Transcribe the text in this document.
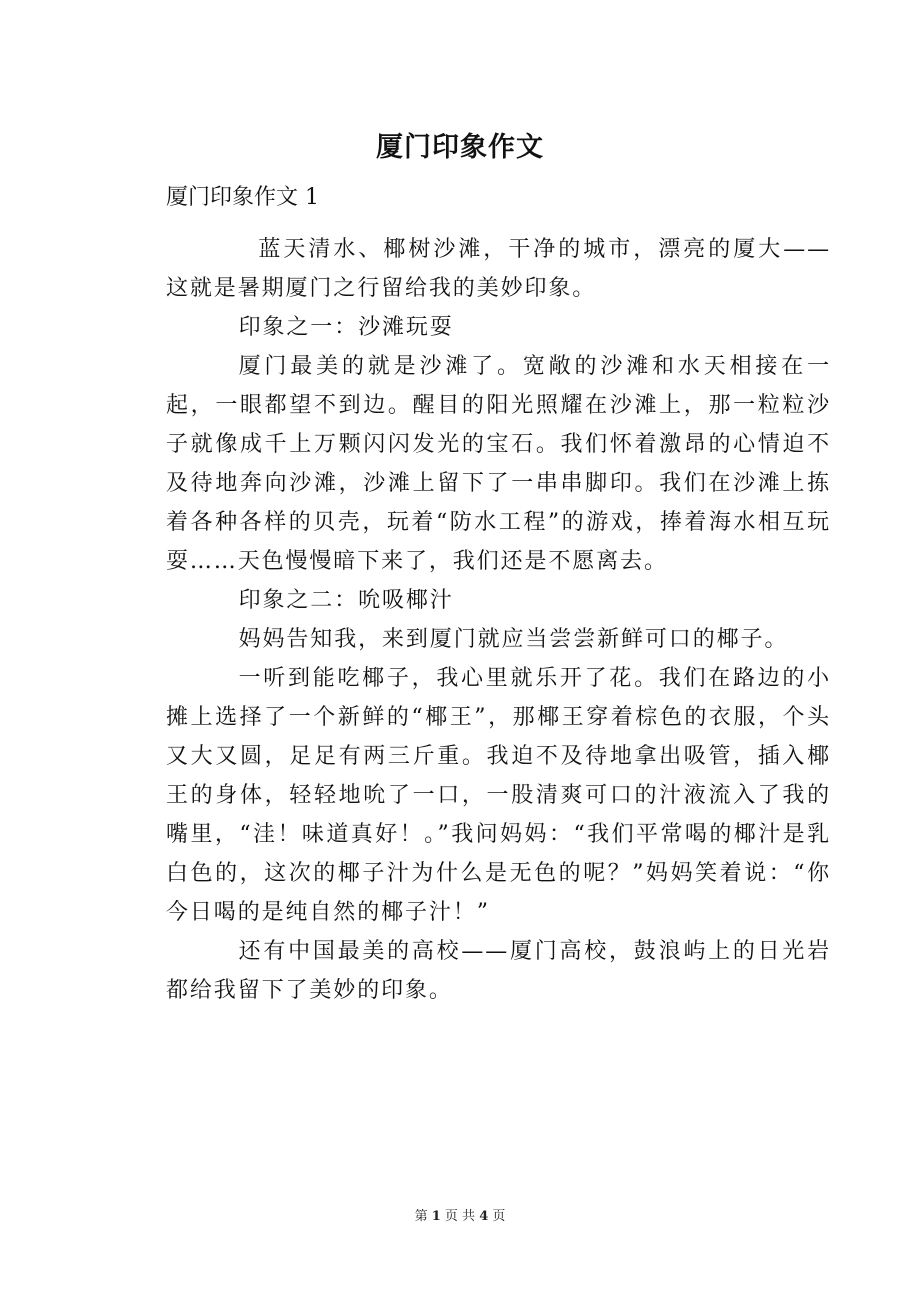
厦门印象作文
厦门印象作文 1

蓝天清水、椰树沙滩，干净的城市，漂亮的厦大——这就是暑期厦门之行留给我的美妙印象。

印象之一：沙滩玩耍

厦门最美的就是沙滩了。宽敞的沙滩和水天相接在一起，一眼都望不到边。醒目的阳光照耀在沙滩上，那一粒粒沙子就像成千上万颗闪闪发光的宝石。我们怀着激昂的心情迫不及待地奔向沙滩，沙滩上留下了一串串脚印。我们在沙滩上拣着各种各样的贝壳，玩着“防水工程”的游戏，捧着海水相互玩耍……天色慢慢暗下来了，我们还是不愿离去。

印象之二：吮吸椰汁

妈妈告知我，来到厦门就应当尝尝新鲜可口的椰子。

一听到能吃椰子，我心里就乐开了花。我们在路边的小摊上选择了一个新鲜的“椰王”，那椰王穿着棕色的衣服，个头又大又圆，足足有两三斤重。我迫不及待地拿出吸管，插入椰王的身体，轻轻地吮了一口，一股清爽可口的汁液流入了我的嘴里，“洼！味道真好！。”我问妈妈：“我们平常喝的椰汁是乳白色的，这次的椰子汁为什么是无色的呢？”妈妈笑着说：“你今日喝的是纯自然的椰子汁！”

还有中国最美的高校——厦门高校，鼓浪屿上的日光岩都给我留下了美妙的印象。

第 1 页 共 4 页
